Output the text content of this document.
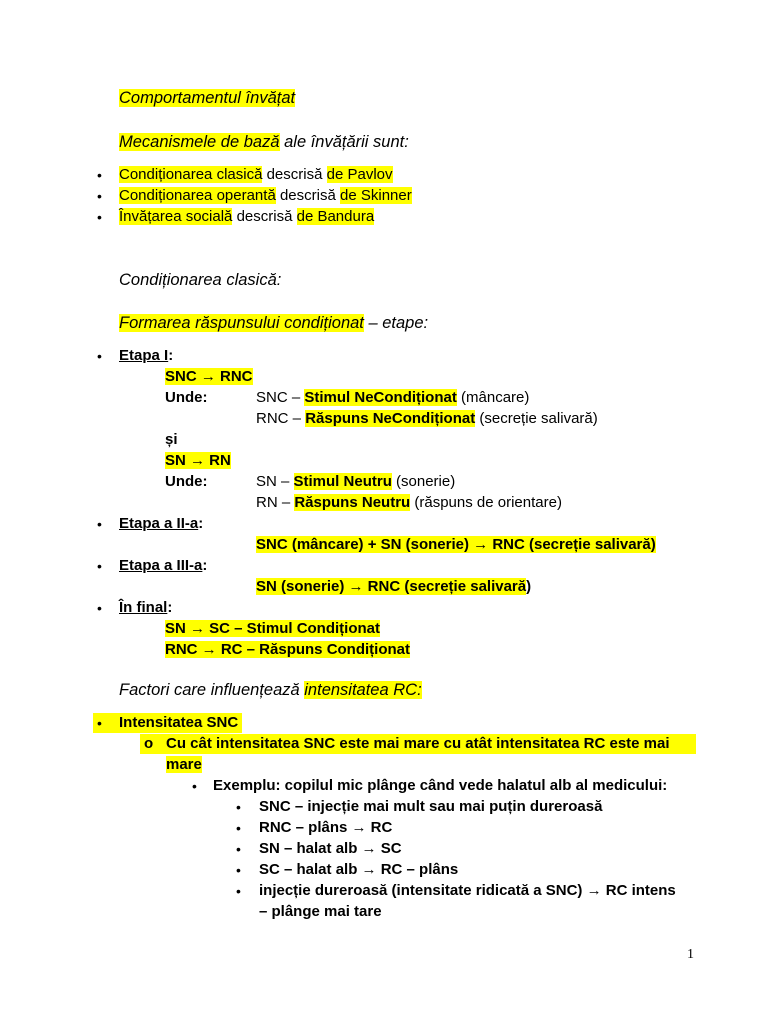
Comportamentul învățat
Mecanismele de bază ale învățării sunt:
• Condiționarea clasică descrisă de Pavlov
• Condiționarea operantă descrisă de Skinner
• Învățarea socială descrisă de Bandura
Condiționarea clasică:
Formarea răspunsului condiționat – etape:
• Etapa I:
SNC → RNC
Unde:	SNC – Stimul NeCondiționat (mâncare)
RNC – Răspuns NeCondiționat (secreție salivară)
și
SN → RN
Unde:	SN – Stimul Neutru (sonerie)
RN – Răspuns Neutru (răspuns de orientare)
• Etapa a II-a:
SNC (mâncare) + SN (sonerie) → RNC (secreție salivară)
• Etapa a III-a:
SN (sonerie) → RNC (secreție salivară)
• În final:
SN → SC – Stimul Condiționat
RNC → RC – Răspuns Condiționat
Factori care influențează intensitatea RC:
• Intensitatea SNC
o Cu cât intensitatea SNC este mai mare cu atât intensitatea RC este mai
mare
• Exemplu: copilul mic plânge când vede halatul alb al medicului:
• SNC – injecție mai mult sau mai puțin dureroasă
• RNC – plâns → RC
• SN – halat alb → SC
• SC – halat alb → RC – plâns
• injecție dureroasă (intensitate ridicată a SNC) → RC intens
– plânge mai tare
1
